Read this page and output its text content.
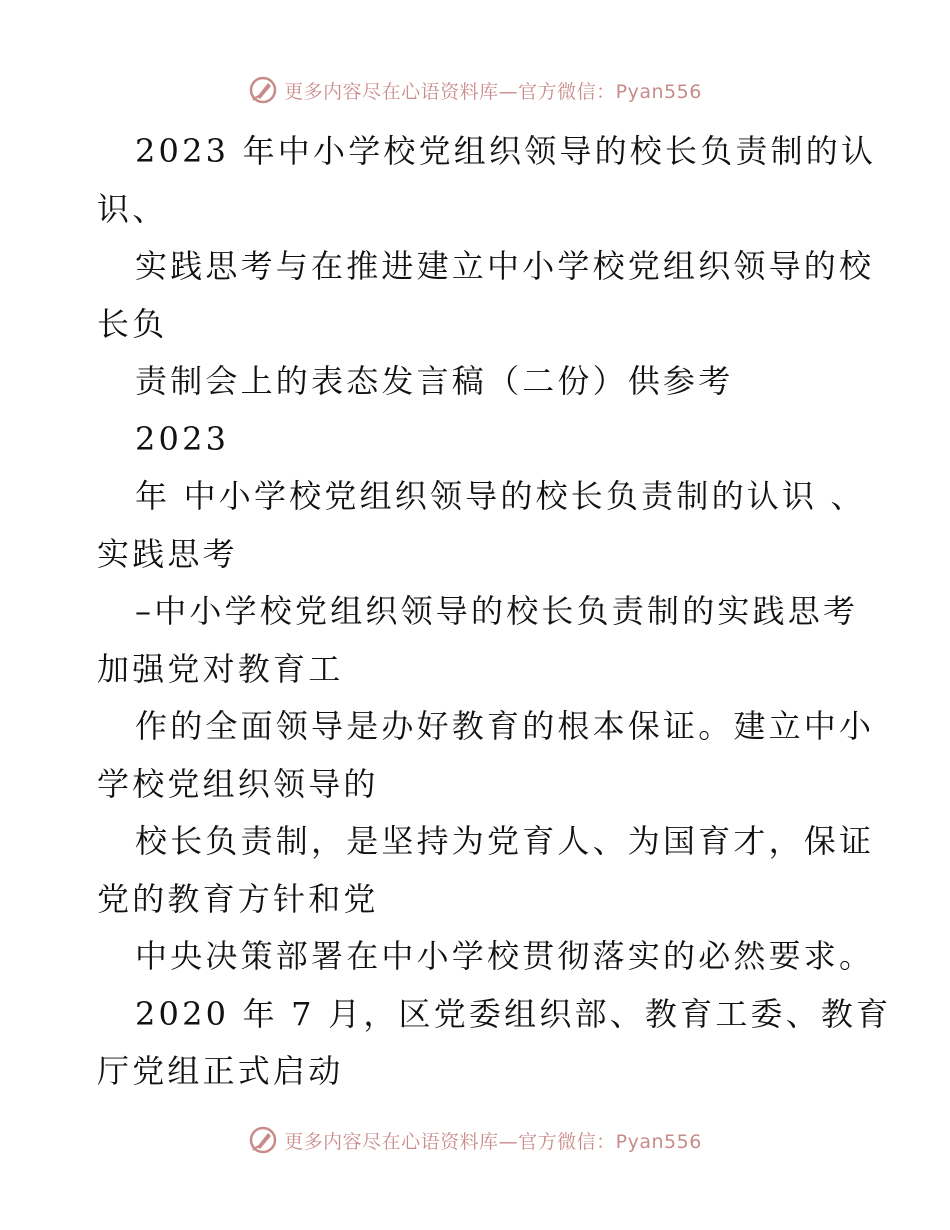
更多内容尽在心语资料库—官方微信：Pyan556
2023 年中小学校党组织领导的校长负责制的认
识、
实践思考与在推进建立中小学校党组织领导的校
长负
责制会上的表态发言稿（二份）供参考
2023
年 中小学校党组织领导的校长负责制的认识 、
实践思考
–中小学校党组织领导的校长负责制的实践思考
加强党对教育工
作的全面领导是办好教育的根本保证。建立中小
学校党组织领导的
校长负责制，是坚持为党育人、为国育才，保证
党的教育方针和党
中央决策部署在中小学校贯彻落实的必然要求。
2020 年 7 月，区党委组织部、教育工委、教育
厅党组正式启动
更多内容尽在心语资料库—官方微信：Pyan556
